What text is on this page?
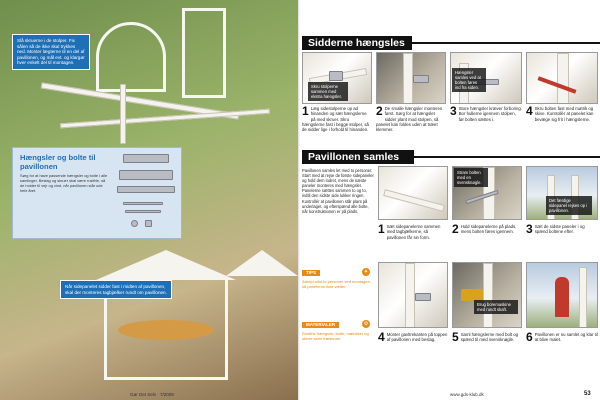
Slå skruerne i de stolper. Fix sålen så de ikke skal trykkes ned. Monter lægterne til en del af pavillonen, og mål evt. og klargør hver enkelt del til montagen.
Hængsler og bolte til pavillonen

Sørg for at have passende hængsler og bolte i alle samlinger. Beslag og skruer skal være rustfrie, så de holder til vejr og vind, når pavillonen står ude hele året.

Når sidepanelet sidder fast i midten af pavillonen, skal der monteres tagbjælker rundt om pavillonen.
Gør Det Selv · 7/2009
Sidderne hængsles
Skru stolperne sammen med ekstra hængsler.
Hængsler samles ved at bolten føres ind fra siden.
1 Læg sidestolperne op ad hinanden og sæt hængslerne på med skruer. Skru hængslerne fast i begge stolper, så de sidder lige i forhold til hinanden.
2 De smalle hængsler monteres først. Sørg for at hængslet sidder plant mod stolpen, så panelet kan foldes uden at træet klemmer.
3 Store hængsler kræver forboring. Bor hullerne igennem stolpen, før bolten sættes i.
4 Skru bolten fast med møtrik og skive. Kontrollér at panelet kan bevæge sig frit i hængslerne.
Pavillonen samles
Pavillonen samles let med to personer. Start med at rejse de første sidepaneler og hold dem lodret, mens de næste paneler monteres med hængsler. Panelerne sættes sammen to og to, indtil den sidste side lukker ringen. Kontrollér at pavillonen står plant på underlaget, og efterspænd alle bolte, når konstruktionen er på plads.
TIPS	✦
Arbejd altid to personer ved montagen, så panelerne ikke vælter.
MATERIALER	⚙
Rustfrie hængsler, bolte, møtrikker og skiver samt træskruer.
Stram bolten med en svensknøgle.
Det færdige sidepanel rejses op i pavillonen.
1 Sæt sidepanelerne sammen med tagbjælkerne, så pavillonen får sin form.
2 Hold sidepanelerne på plads, mens bolten føres igennem.	3 Sæt de sidste paneler i og spænd boltene efter.
Brug boremaskine med rundt skaft.
4 Monter gavltrekanten på toppen af pavillonen med beslag.	5 Saml hængslerne med bolt og spænd til med svensknøgle. 6 Pavillonen er nu samlet og klar til at blive malet.
www.gds-klub.dk	53
